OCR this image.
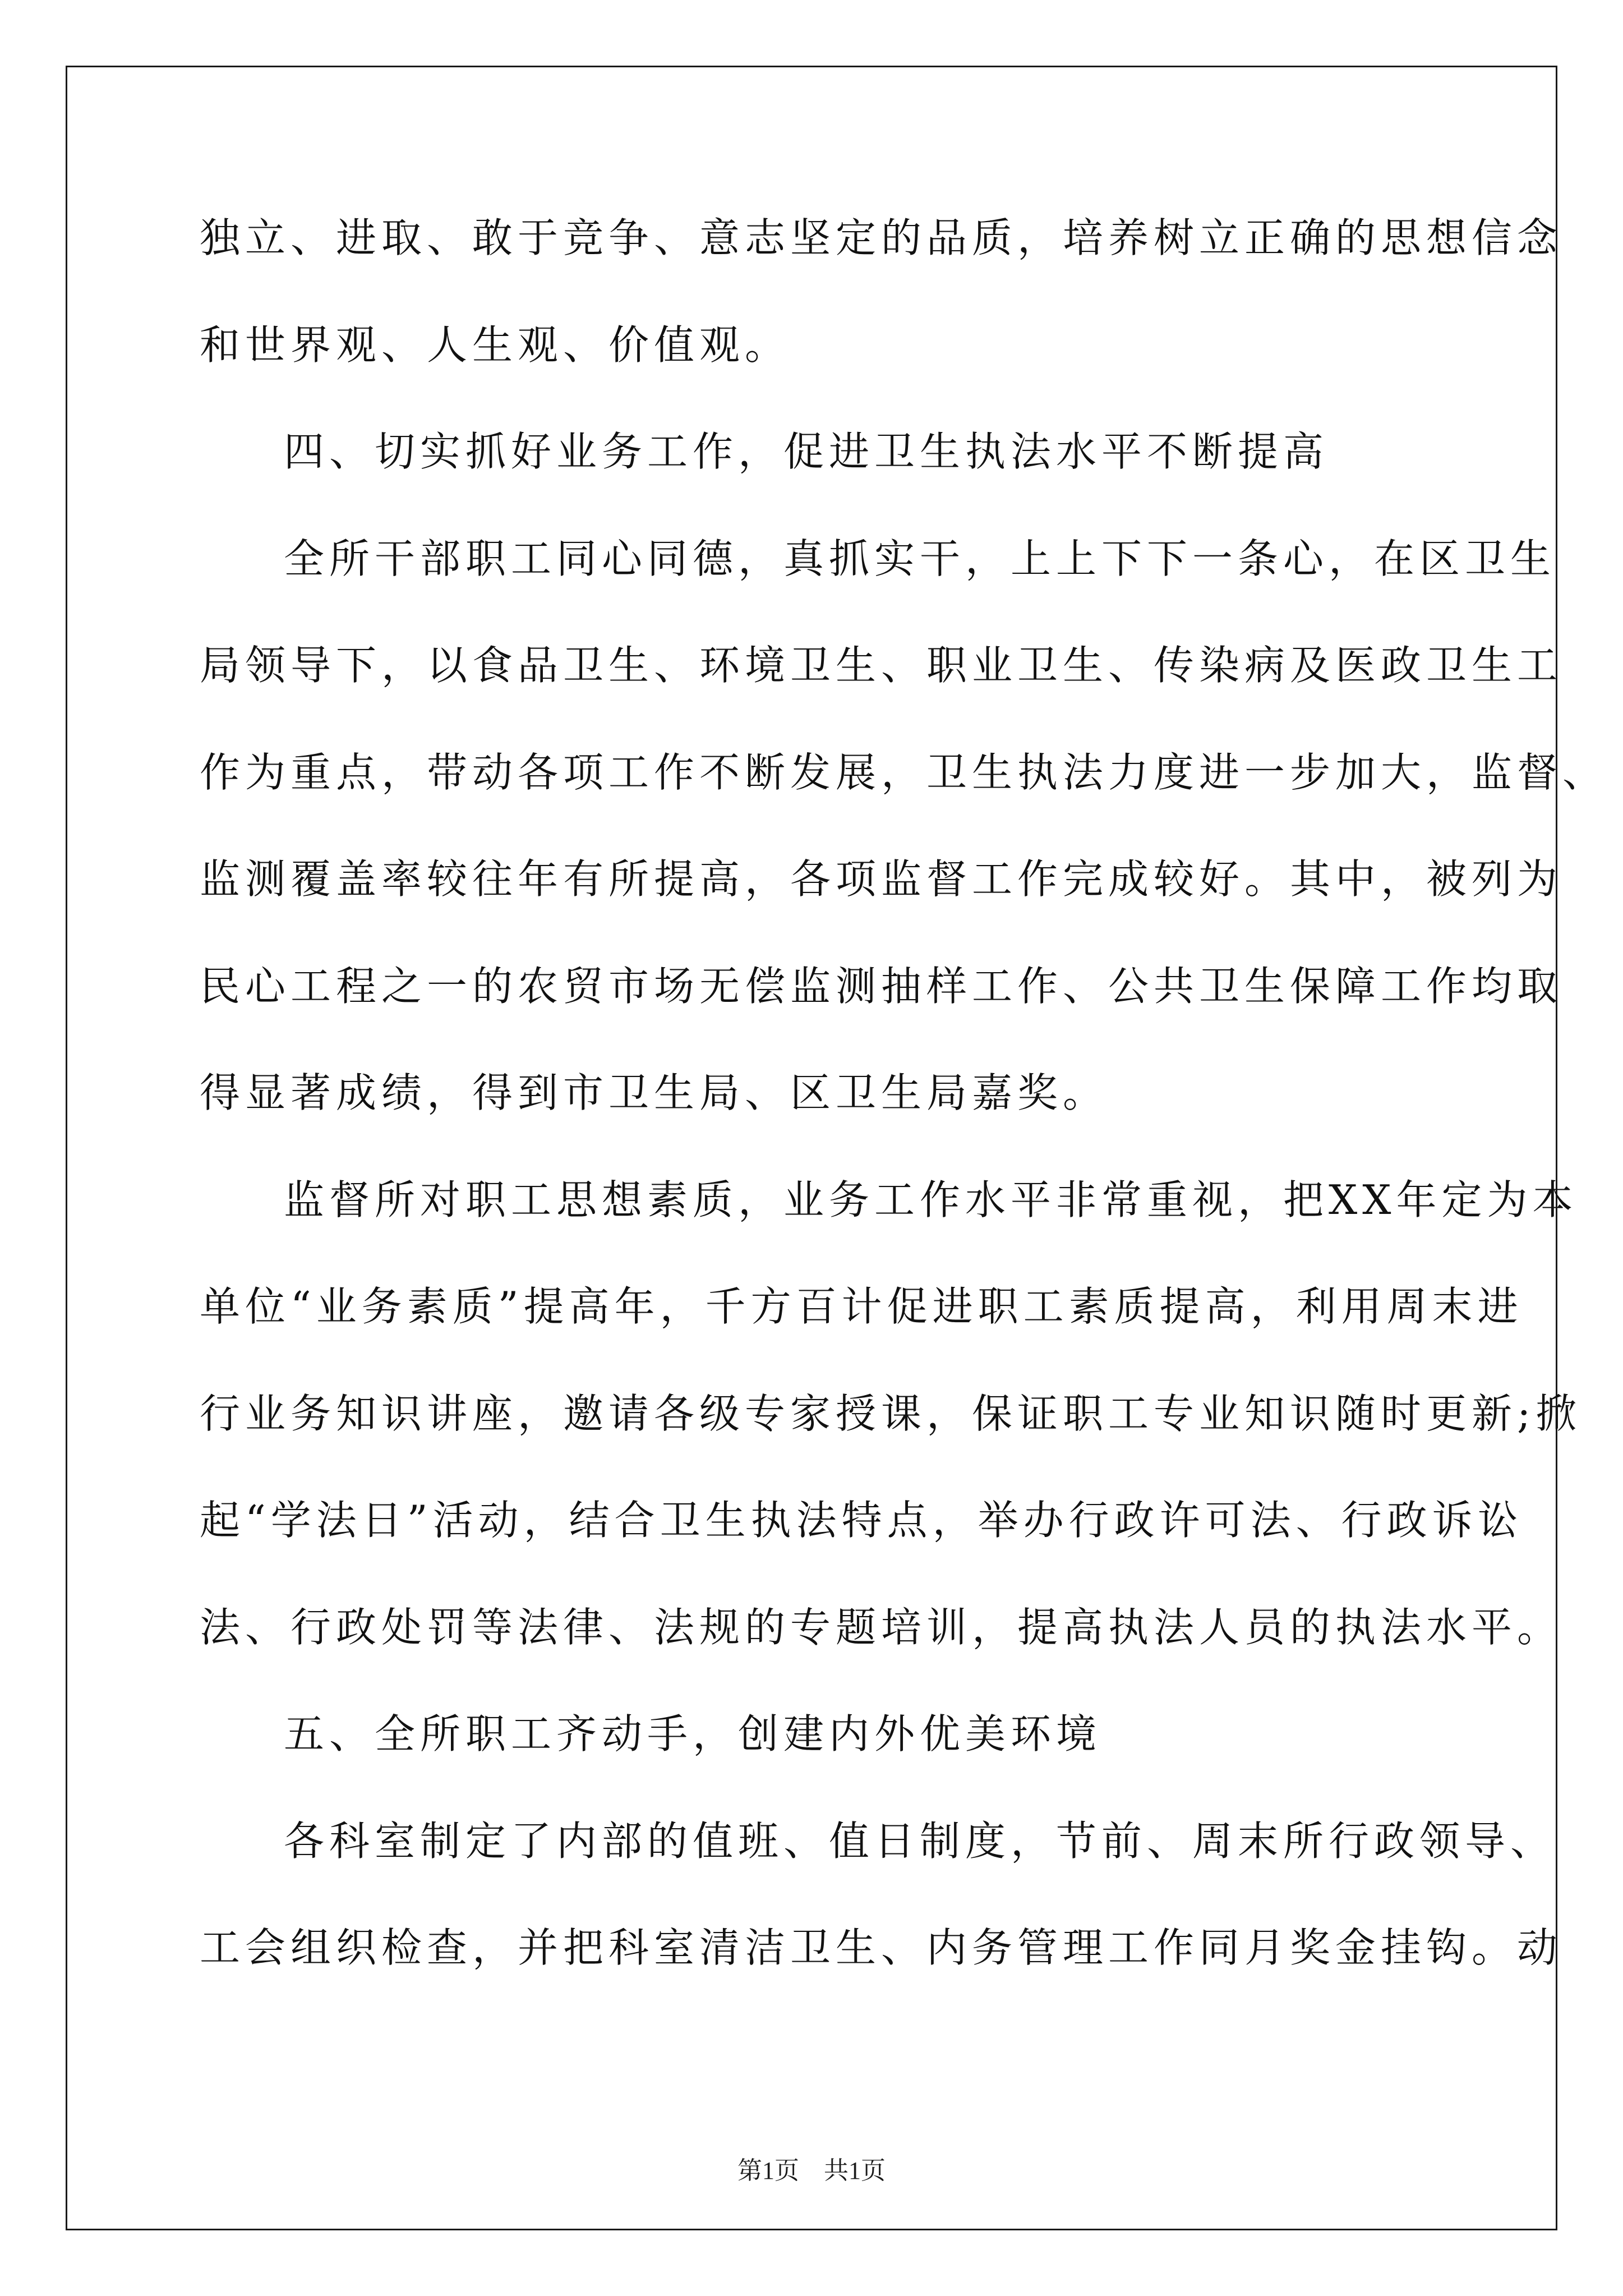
独立、进取、敢于竞争、意志坚定的品质，培养树立正确的思想信念
和世界观、人生观、价值观。
四、切实抓好业务工作，促进卫生执法水平不断提高
全所干部职工同心同德，真抓实干，上上下下一条心，在区卫生
局领导下，以食品卫生、环境卫生、职业卫生、传染病及医政卫生工
作为重点，带动各项工作不断发展，卫生执法力度进一步加大，监督、
监测覆盖率较往年有所提高，各项监督工作完成较好。其中，被列为
民心工程之一的农贸市场无偿监测抽样工作、公共卫生保障工作均取
得显著成绩，得到市卫生局、区卫生局嘉奖。
监督所对职工思想素质，业务工作水平非常重视，把XX年定为本
单位“业务素质”提高年，千方百计促进职工素质提高，利用周末进
行业务知识讲座，邀请各级专家授课，保证职工专业知识随时更新;掀
起“学法日”活动，结合卫生执法特点，举办行政许可法、行政诉讼
法、行政处罚等法律、法规的专题培训，提高执法人员的执法水平。
五、全所职工齐动手，创建内外优美环境
各科室制定了内部的值班、值日制度，节前、周末所行政领导、
工会组织检查，并把科室清洁卫生、内务管理工作同月奖金挂钩。动
第1页　共1页
